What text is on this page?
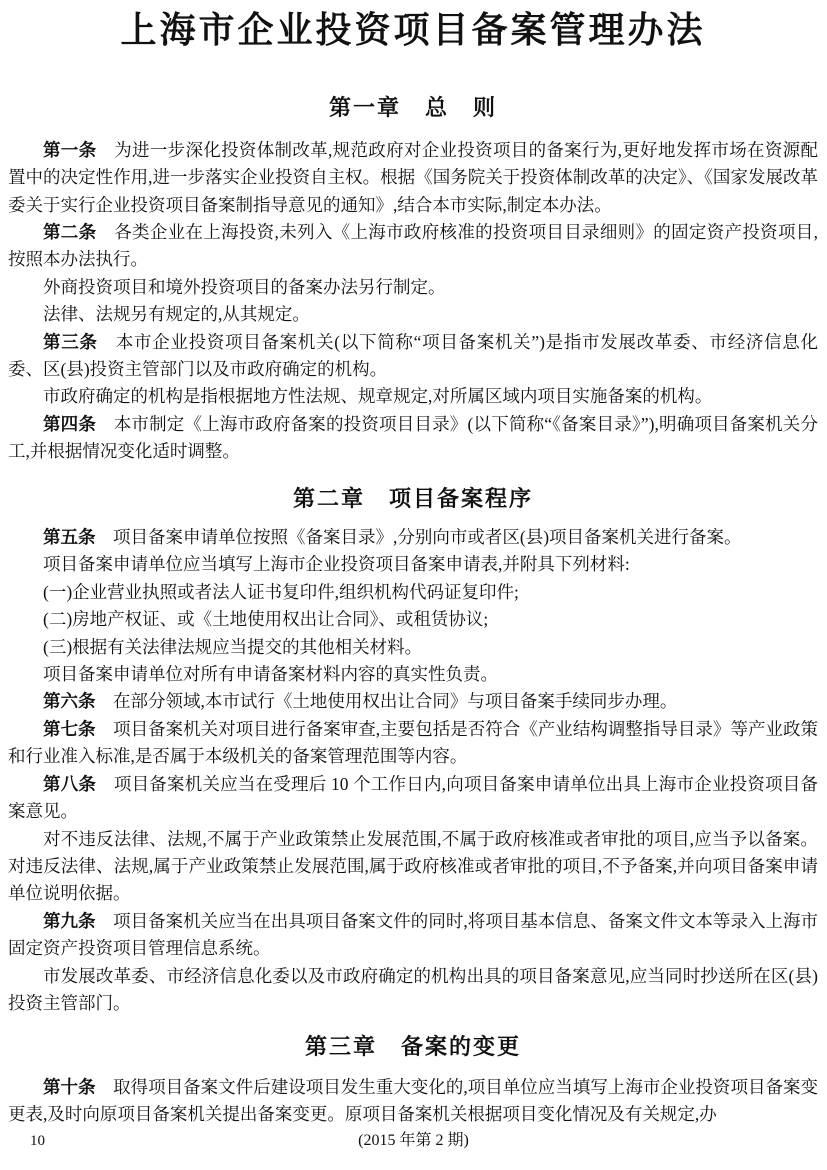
上海市企业投资项目备案管理办法
第一章　总　则

第一条　为进一步深化投资体制改革,规范政府对企业投资项目的备案行为,更好地发挥市场在资源配置中的决定性作用,进一步落实企业投资自主权。根据《国务院关于投资体制改革的决定》、《国家发展改革委关于实行企业投资项目备案制指导意见的通知》,结合本市实际,制定本办法。

第二条　各类企业在上海投资,未列入《上海市政府核准的投资项目目录细则》的固定资产投资项目,按照本办法执行。

外商投资项目和境外投资项目的备案办法另行制定。

法律、法规另有规定的,从其规定。

第三条　本市企业投资项目备案机关(以下简称“项目备案机关”)是指市发展改革委、市经济信息化委、区(县)投资主管部门以及市政府确定的机构。

市政府确定的机构是指根据地方性法规、规章规定,对所属区域内项目实施备案的机构。

第四条　本市制定《上海市政府备案的投资项目目录》(以下简称“《备案目录》”),明确项目备案机关分工,并根据情况变化适时调整。

第二章　项目备案程序

第五条　项目备案申请单位按照《备案目录》,分别向市或者区(县)项目备案机关进行备案。

项目备案申请单位应当填写上海市企业投资项目备案申请表,并附具下列材料:

(一)企业营业执照或者法人证书复印件,组织机构代码证复印件;

(二)房地产权证、或《土地使用权出让合同》、或租赁协议;

(三)根据有关法律法规应当提交的其他相关材料。

项目备案申请单位对所有申请备案材料内容的真实性负责。

第六条　在部分领域,本市试行《土地使用权出让合同》与项目备案手续同步办理。

第七条　项目备案机关对项目进行备案审查,主要包括是否符合《产业结构调整指导目录》等产业政策和行业准入标准,是否属于本级机关的备案管理范围等内容。

第八条　项目备案机关应当在受理后 10 个工作日内,向项目备案申请单位出具上海市企业投资项目备案意见。

对不违反法律、法规,不属于产业政策禁止发展范围,不属于政府核准或者审批的项目,应当予以备案。对违反法律、法规,属于产业政策禁止发展范围,属于政府核准或者审批的项目,不予备案,并向项目备案申请单位说明依据。

第九条　项目备案机关应当在出具项目备案文件的同时,将项目基本信息、备案文件文本等录入上海市固定资产投资项目管理信息系统。

市发展改革委、市经济信息化委以及市政府确定的机构出具的项目备案意见,应当同时抄送所在区(县)投资主管部门。

第三章　备案的变更

第十条　取得项目备案文件后建设项目发生重大变化的,项目单位应当填写上海市企业投资项目备案变更表,及时向原项目备案机关提出备案变更。原项目备案机关根据项目变化情况及有关规定,办

10	(2015 年第 2 期)
